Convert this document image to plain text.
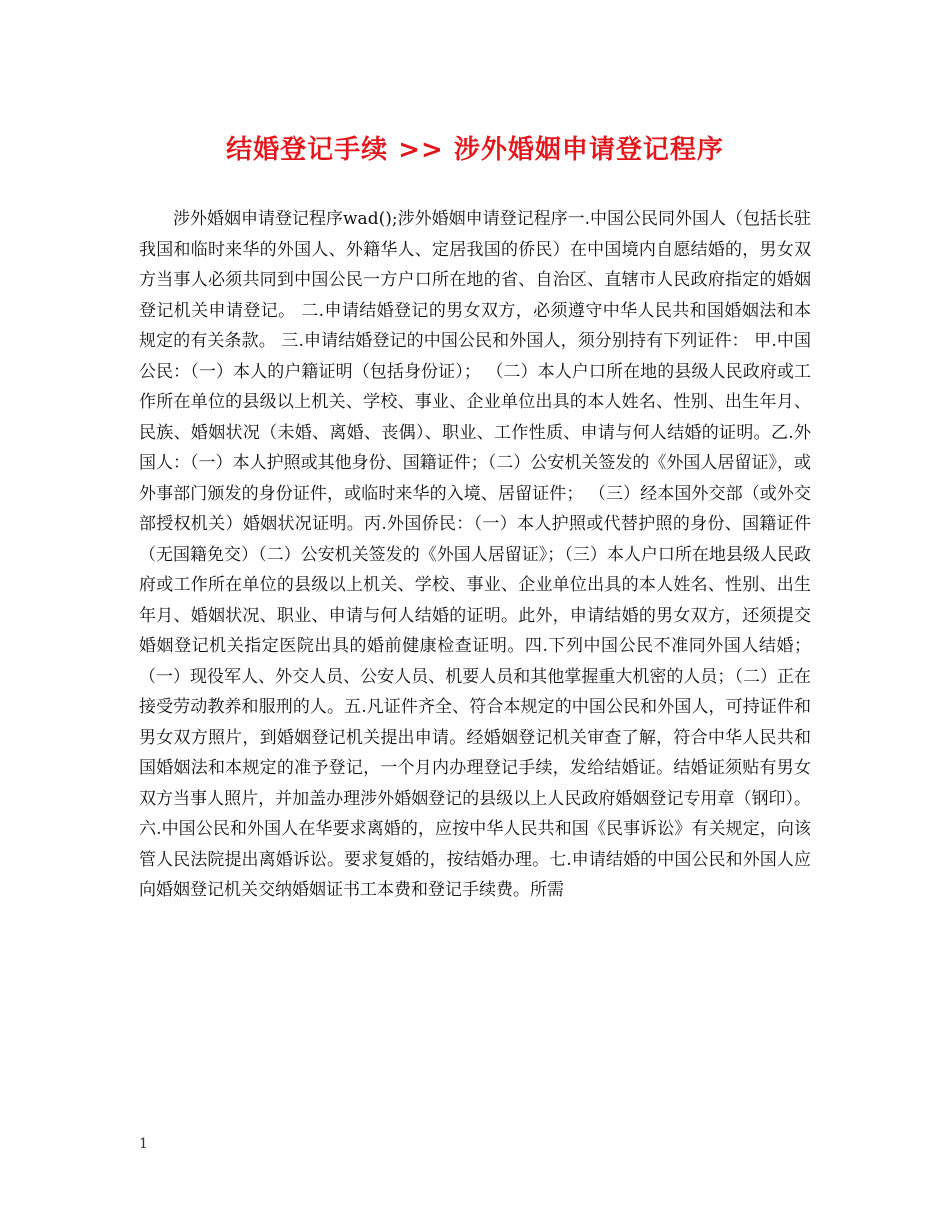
结婚登记手续 >> 涉外婚姻申请登记程序

涉外婚姻申请登记程序wad();涉外婚姻申请登记程序一.中国公民同外国人（包括长驻我国和临时来华的外国人、外籍华人、定居我国的侨民）在中国境内自愿结婚的，男女双方当事人必须共同到中国公民一方户口所在地的省、自治区、直辖市人民政府指定的婚姻登记机关申请登记。 二.申请结婚登记的男女双方，必须遵守中华人民共和国婚姻法和本规定的有关条款。 三.申请结婚登记的中国公民和外国人，须分别持有下列证件： 甲.中国公民：（一）本人的户籍证明（包括身份证）； （二）本人户口所在地的县级人民政府或工作所在单位的县级以上机关、学校、事业、企业单位出具的本人姓名、性别、出生年月、民族、婚姻状况（未婚、离婚、丧偶）、职业、工作性质、申请与何人结婚的证明。乙.外国人：（一）本人护照或其他身份、国籍证件；（二）公安机关签发的《外国人居留证》，或外事部门颁发的身份证件，或临时来华的入境、居留证件； （三）经本国外交部（或外交部授权机关）婚姻状况证明。丙.外国侨民：（一）本人护照或代替护照的身份、国籍证件（无国籍免交）（二）公安机关签发的《外国人居留证》；（三）本人户口所在地县级人民政府或工作所在单位的县级以上机关、学校、事业、企业单位出具的本人姓名、性别、出生年月、婚姻状况、职业、申请与何人结婚的证明。此外，申请结婚的男女双方，还须提交婚姻登记机关指定医院出具的婚前健康检查证明。四.下列中国公民不准同外国人结婚；（一）现役军人、外交人员、公安人员、机要人员和其他掌握重大机密的人员；（二）正在接受劳动教养和服刑的人。五.凡证件齐全、符合本规定的中国公民和外国人，可持证件和男女双方照片，到婚姻登记机关提出申请。经婚姻登记机关审查了解，符合中华人民共和国婚姻法和本规定的准予登记，一个月内办理登记手续，发给结婚证。结婚证须贴有男女双方当事人照片，并加盖办理涉外婚姻登记的县级以上人民政府婚姻登记专用章（钢印）。六.中国公民和外国人在华要求离婚的，应按中华人民共和国《民事诉讼》有关规定，向该管人民法院提出离婚诉讼。要求复婚的，按结婚办理。七.申请结婚的中国公民和外国人应向婚姻登记机关交纳婚姻证书工本费和登记手续费。所需

1
